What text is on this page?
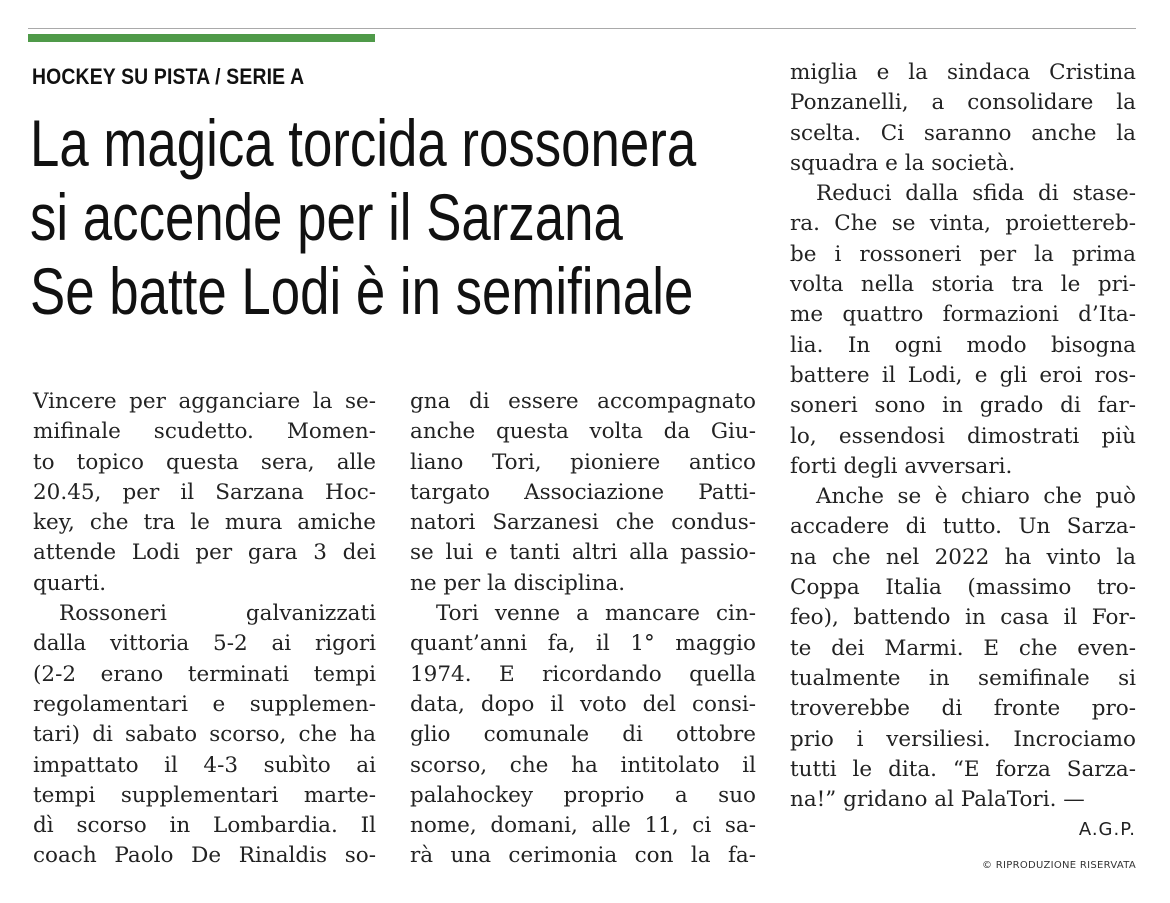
HOCKEY SU PISTA / SERIE A
La magica torcida rossonera
si accende per il Sarzana
Se batte Lodi è in semifinale
Vincere per agganciare la se-
mifinale scudetto. Momen-
to topico questa sera, alle
20.45, per il Sarzana Hoc-
key, che tra le mura amiche
attende Lodi per gara 3 dei
quarti.
Rossoneri galvanizzati
dalla vittoria 5-2 ai rigori
(2-2 erano terminati tempi
regolamentari e supplemen-
tari) di sabato scorso, che ha
impattato il 4-3 subìto ai
tempi supplementari marte-
dì scorso in Lombardia. Il
coach Paolo De Rinaldis so-
gna di essere accompagnato
anche questa volta da Giu-
liano Tori, pioniere antico
targato Associazione Patti-
natori Sarzanesi che condus-
se lui e tanti altri alla passio-
ne per la disciplina.
Tori venne a mancare cin-
quant’anni fa, il 1° maggio
1974. E ricordando quella
data, dopo il voto del consi-
glio comunale di ottobre
scorso, che ha intitolato il
palahockey proprio a suo
nome, domani, alle 11, ci sa-
rà una cerimonia con la fa-
miglia e la sindaca Cristina
Ponzanelli, a consolidare la
scelta. Ci saranno anche la
squadra e la società.
Reduci dalla sfida di stase-
ra. Che se vinta, proiettereb-
be i rossoneri per la prima
volta nella storia tra le pri-
me quattro formazioni d’Ita-
lia. In ogni modo bisogna
battere il Lodi, e gli eroi ros-
soneri sono in grado di far-
lo, essendosi dimostrati più
forti degli avversari.
Anche se è chiaro che può
accadere di tutto. Un Sarza-
na che nel 2022 ha vinto la
Coppa Italia (massimo tro-
feo), battendo in casa il For-
te dei Marmi. E che even-
tualmente in semifinale si
troverebbe di fronte pro-
prio i versiliesi. Incrociamo
tutti le dita. “E forza Sarza-
na!” gridano al PalaTori. —
A.G.P.
© RIPRODUZIONE RISERVATA
